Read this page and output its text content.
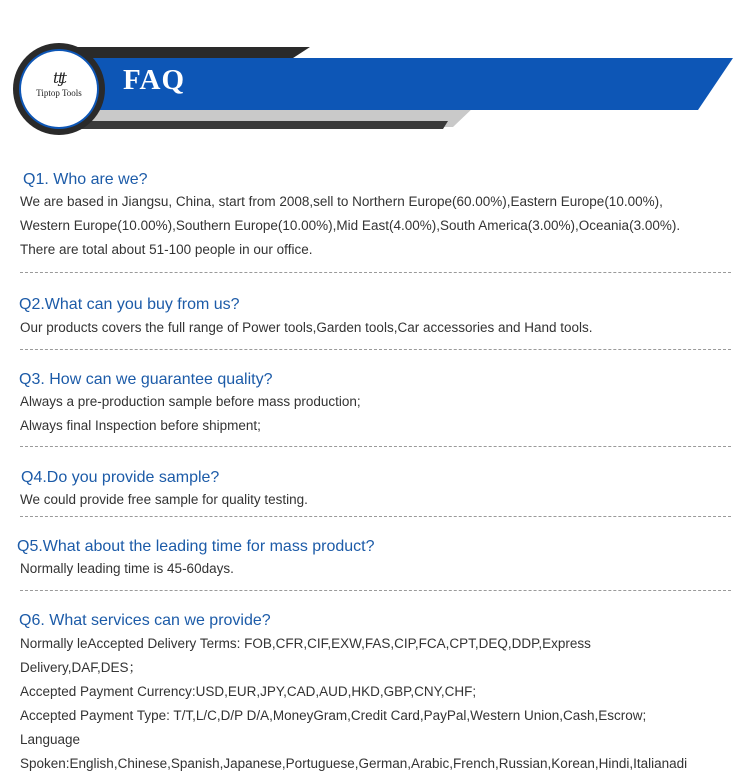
tƫt
Tiptop Tools	FAQ
Q1. Who are we?
We are based in Jiangsu, China, start from 2008,sell to Northern Europe(60.00%),Eastern Europe(10.00%),
Western Europe(10.00%),Southern Europe(10.00%),Mid East(4.00%),South America(3.00%),Oceania(3.00%).
There are total about 51-100 people in our office.
Q2.What can you buy from us?
Our products covers the full range of Power tools,Garden tools,Car accessories and Hand tools.
Q3. How can we guarantee quality?
Always a pre-production sample before mass production;
Always final Inspection before shipment;
Q4.Do you provide sample?
We could provide free sample for quality testing.
Q5.What about the leading time for mass product?
Normally leading time is 45-60days.
Q6. What services can we provide?
Normally leAccepted Delivery Terms: FOB,CFR,CIF,EXW,FAS,CIP,FCA,CPT,DEQ,DDP,Express
Delivery,DAF,DES；
Accepted Payment Currency:USD,EUR,JPY,CAD,AUD,HKD,GBP,CNY,CHF;
Accepted Payment Type: T/T,L/C,D/P D/A,MoneyGram,Credit Card,PayPal,Western Union,Cash,Escrow;
Language
Spoken:English,Chinese,Spanish,Japanese,Portuguese,German,Arabic,French,Russian,Korean,Hindi,Italianadi
